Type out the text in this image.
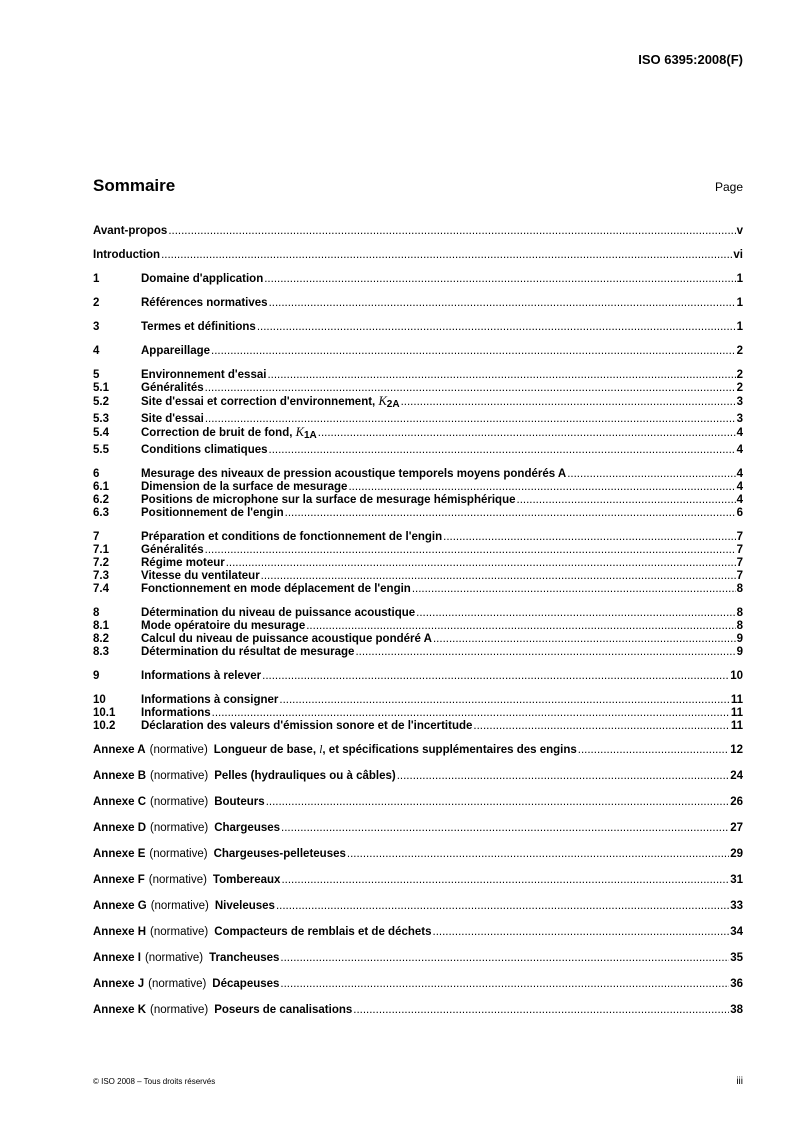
ISO 6395:2008(F)
Sommaire	Page
Avant-propos .....	v
Introduction .....	vi
1	Domaine d'application .....	1
2	Références normatives .....	1
3	Termes et définitions .....	1
4	Appareillage .....	2
5	Environnement d'essai .....	2
5.1	Généralités .....	2
5.2	Site d'essai et correction d'environnement, K2A .....	3
5.3	Site d'essai .....	3
5.4	Correction de bruit de fond, K1A .....	4
5.5	Conditions climatiques .....	4
6	Mesurage des niveaux de pression acoustique temporels moyens pondérés A .....	4
6.1	Dimension de la surface de mesurage .....	4
6.2	Positions de microphone sur la surface de mesurage hémisphérique .....	4
6.3	Positionnement de l'engin .....	6
7	Préparation et conditions de fonctionnement de l'engin .....	7
7.1	Généralités .....	7
7.2	Régime moteur .....	7
7.3	Vitesse du ventilateur .....	7
7.4	Fonctionnement en mode déplacement de l'engin .....	8
8	Détermination du niveau de puissance acoustique .....	8
8.1	Mode opératoire du mesurage .....	8
8.2	Calcul du niveau de puissance acoustique pondéré A .....	9
8.3	Détermination du résultat de mesurage .....	9
9	Informations à relever .....	10
10	Informations à consigner .....	11
10.1	Informations .....	11
10.2	Déclaration des valeurs d'émission sonore et de l'incertitude .....	11
Annexe A (normative) Longueur de base, l, et spécifications supplémentaires des engins .....	12
Annexe B (normative) Pelles (hydrauliques ou à câbles) .....	24
Annexe C (normative) Bouteurs .....	26
Annexe D (normative) Chargeuses .....	27
Annexe E (normative) Chargeuses-pelleteuses .....	29
Annexe F (normative) Tombereaux .....	31
Annexe G (normative) Niveleuses .....	33
Annexe H (normative) Compacteurs de remblais et de déchets .....	34
Annexe I (normative) Trancheuses .....	35
Annexe J (normative) Décapeuses .....	36
Annexe K (normative) Poseurs de canalisations .....	38
© ISO 2008 – Tous droits réservés	iii
